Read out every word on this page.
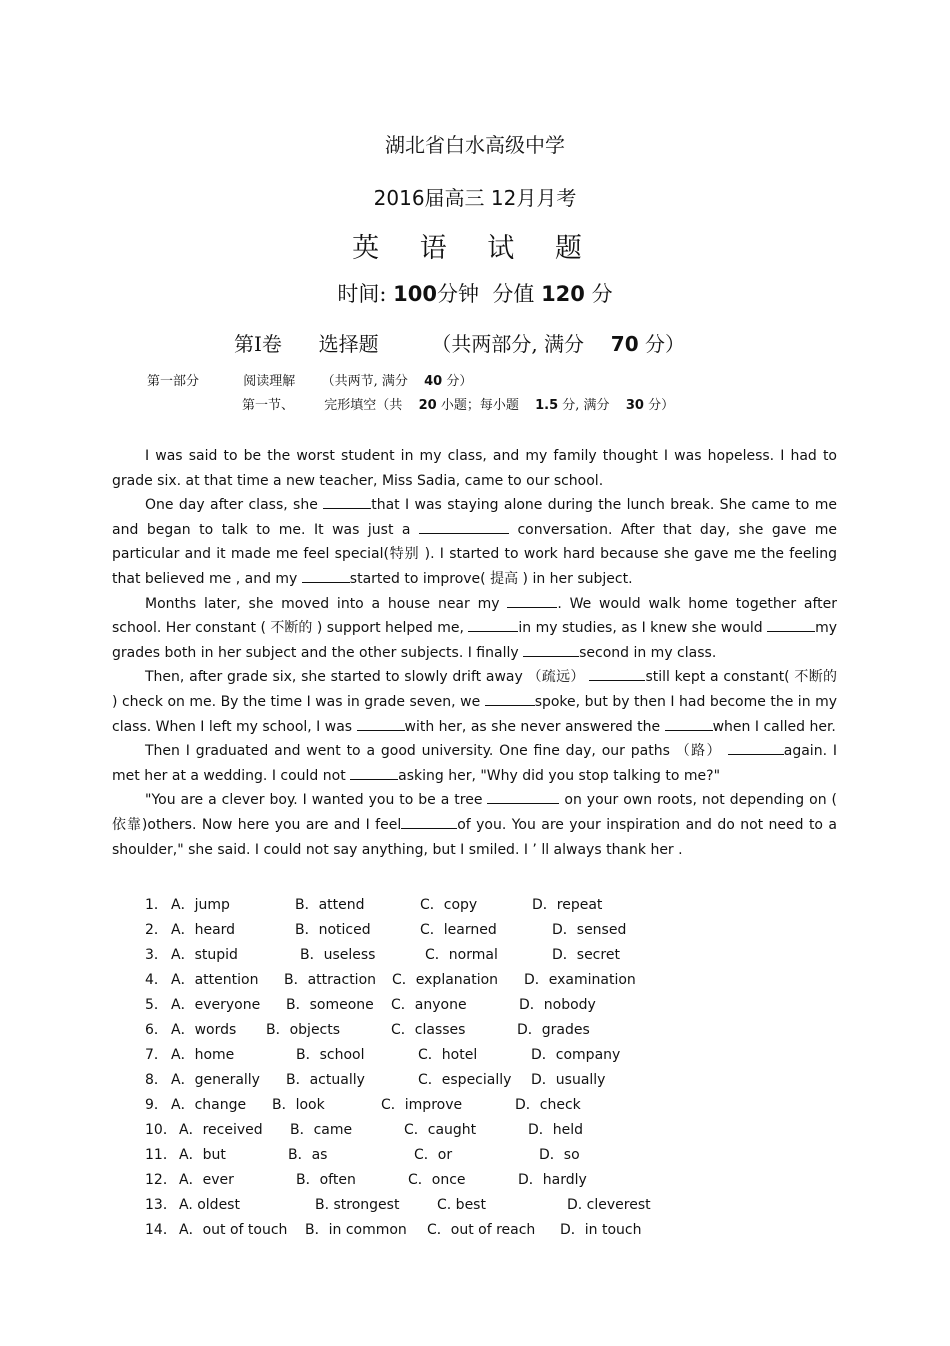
湖北省白水高级中学
2016届高三 12月月考
英 语 试 题
时间: 100分钟 分值 120 分
第Ⅰ卷 选择题	（共两部分, 满分 70 分）
第一部分	阅读理解 （共两节, 满分 40 分）
第一节、 完形填空（共 20 小题；每小题 1.5 分, 满分 30 分）

I was said to be the worst student in my class, and my family thought I was hopeless. I had to grade six. at that time a new teacher, Miss Sadia, came to our school.

One day after class, she	that I was staying alone during the lunch break. She came to me and began to talk to me. It was just a	conversation. After that day, she gave me particular and it made me feel special(特别 ). I started to work hard because she gave me the feeling that believed me , and my	started to improve( 提高 ) in her subject.

Months later, she moved into a house near my	. We would walk home together after school. Her constant ( 不断的 ) support helped me,	in my studies, as I knew she would	my grades both in her subject and the other subjects. I finally	second in my class.

Then, after grade six, she started to slowly drift away （疏远）	still kept a constant( 不断的 ) check on me. By the time I was in grade seven, we	spoke, but by then I had become the in my class. When I left my school, I was	with her, as she never answered the	when I called her.

Then I graduated and went to a good university. One fine day, our paths （路）	again. I met her at a wedding. I could not	asking her, "Why did you stop talking to me?"

"You are a clever boy. I wanted you to be a tree	on your own roots, not depending on ( 依靠)others. Now here you are and I feel	of you. You are your inspiration and do not need to a shoulder," she said. I could not say anything, but I smiled. I ’ ll always thank her .

1． A．jump	B．attend	C．copy	D．repeat
2． A．heard	B．noticed	C．learned	D．sensed
3． A．stupid	B．useless	C．normal	D．secret
4． A．attention B．attraction C．explanation D．examination
5． A．everyone B．someone C．anyone	D．nobody
6． A．words B．objects	C．classes	D．grades
7． A．home	B．school	C．hotel	D．company
8． A．generally B．actually	C．especially D．usually
9． A．change B．look	C．improve	D．check
10． A．received B．came	C．caught	D．held
11． A．but	B．as	C．or	D．so
12． A．ever	B．often	C．once	D．hardly
13． A. oldest	B. strongest	C. best	D. cleverest
14． A．out of touch B．in common C．out of reach D．in touch
